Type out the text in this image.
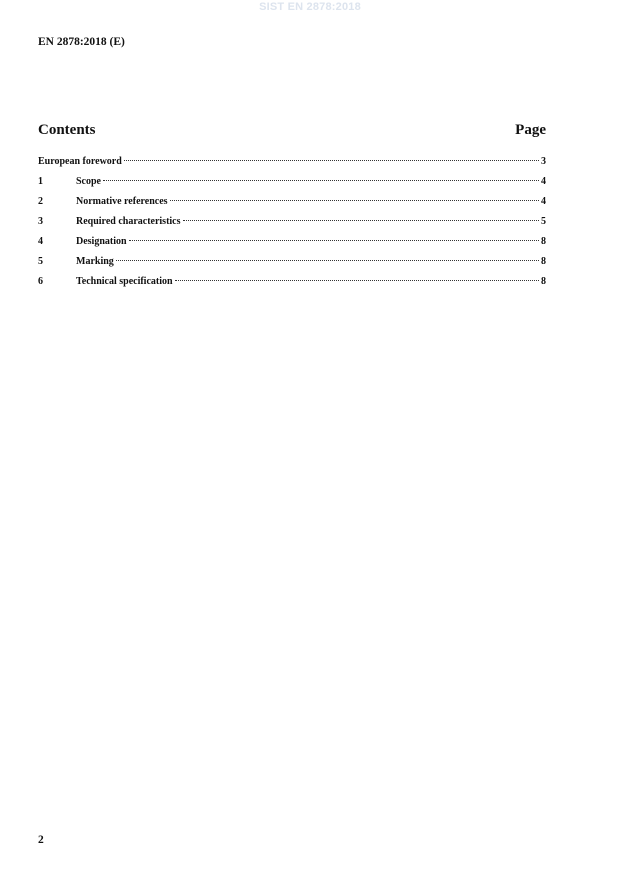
SIST EN 2878:2018
EN 2878:2018 (E)
Contents	Page
European foreword	3
1	Scope	4
2	Normative references	4
3	Required characteristics	5
4	Designation	8
5	Marking	8
6	Technical specification	8
2
